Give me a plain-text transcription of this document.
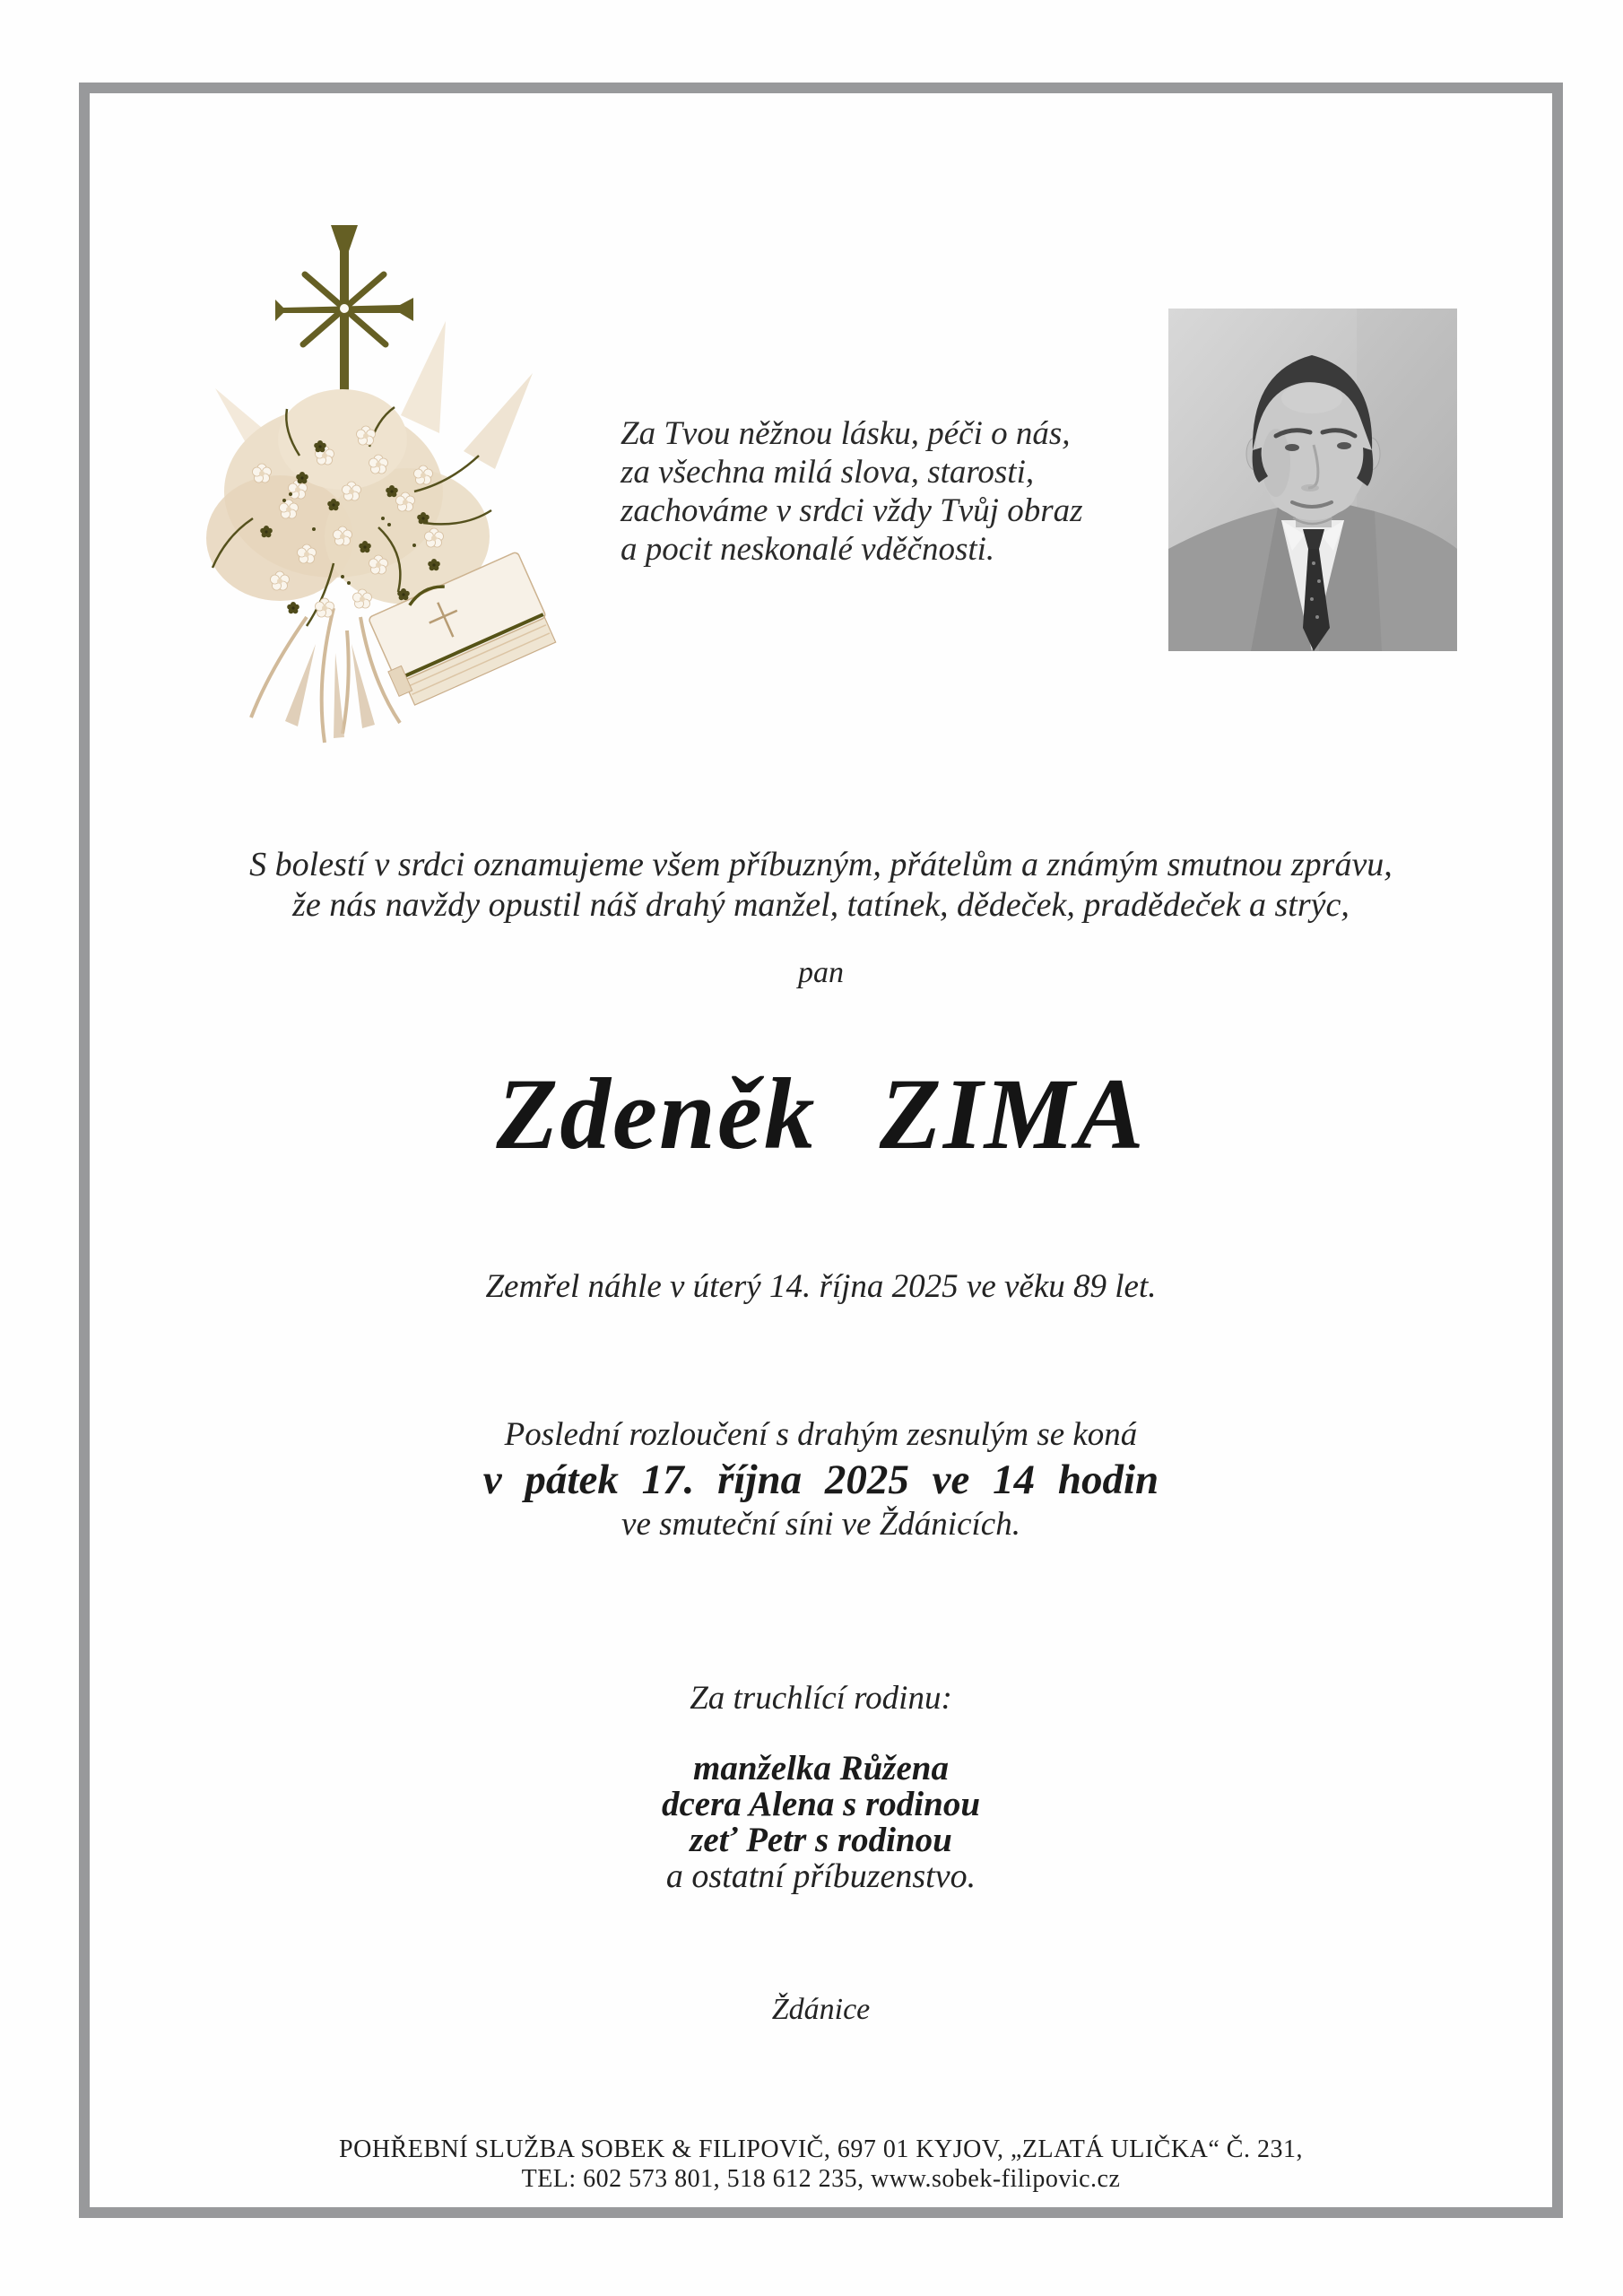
Za Tvou něžnou lásku, péči o nás,
za všechna milá slova, starosti,
zachováme v srdci vždy Tvůj obraz
a pocit neskonalé vděčnosti.
S bolestí v srdci oznamujeme všem příbuzným, přátelům a známým smutnou zprávu,
že nás navždy opustil náš drahý manžel, tatínek, dědeček, pradědeček a strýc,
pan
Zdeněk ZIMA
Zemřel náhle v úterý 14. října 2025 ve věku 89 let.
Poslední rozloučení s drahým zesnulým se koná
v pátek 17. října 2025 ve 14 hodin
ve smuteční síni ve Ždánicích.
Za truchlící rodinu:
manželka Růžena
dcera Alena s rodinou
zeť Petr s rodinou
a ostatní příbuzenstvo.
Ždánice
POHŘEBNÍ SLUŽBA SOBEK & FILIPOVIČ, 697 01 KYJOV, „ZLATÁ ULIČKA“ Č. 231,
TEL: 602 573 801, 518 612 235, www.sobek-filipovic.cz
